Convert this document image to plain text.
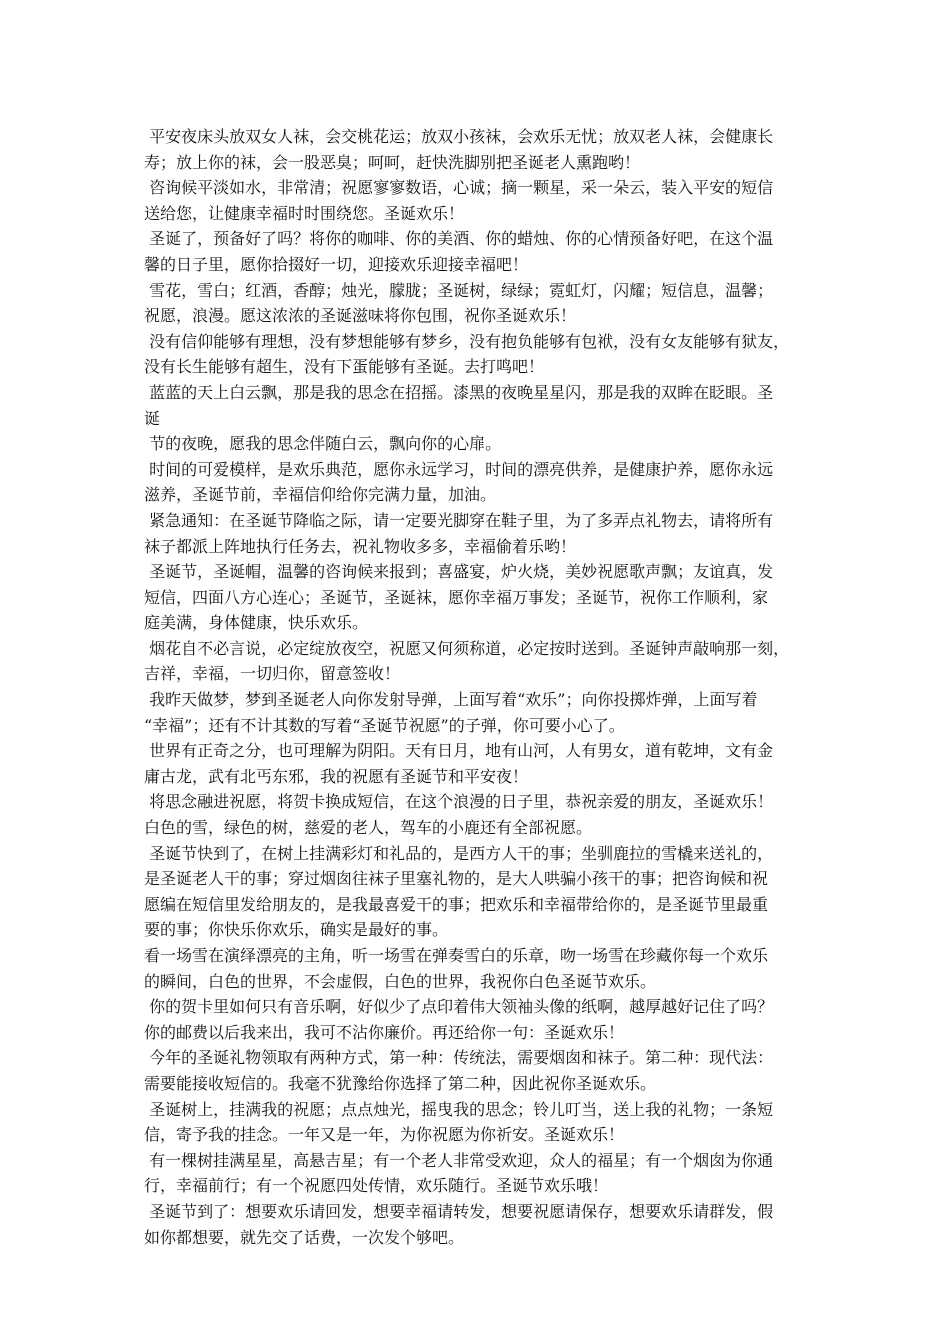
平安夜床头放双女人袜，会交桃花运；放双小孩袜，会欢乐无忧；放双老人袜，会健康长
寿；放上你的袜，会一股恶臭；呵呵，赶快洗脚别把圣诞老人熏跑哟！
咨询候平淡如水，非常清；祝愿寥寥数语，心诚；摘一颗星，采一朵云，装入平安的短信
送给您，让健康幸福时时围绕您。圣诞欢乐！
圣诞了，预备好了吗？将你的咖啡、你的美酒、你的蜡烛、你的心情预备好吧，在这个温
馨的日子里，愿你拾掇好一切，迎接欢乐迎接幸福吧！
雪花，雪白；红酒，香醇；烛光，朦胧；圣诞树，绿绿；霓虹灯，闪耀；短信息，温馨；
祝愿，浪漫。愿这浓浓的圣诞滋味将你包围，祝你圣诞欢乐！
没有信仰能够有理想，没有梦想能够有梦乡，没有抱负能够有包袱，没有女友能够有狱友，
没有长生能够有超生，没有下蛋能够有圣诞。去打鸣吧！
蓝蓝的天上白云飘，那是我的思念在招摇。漆黑的夜晚星星闪，那是我的双眸在眨眼。圣
诞
节的夜晚，愿我的思念伴随白云，飘向你的心扉。
时间的可爱模样，是欢乐典范，愿你永远学习，时间的漂亮供养，是健康护养，愿你永远
滋养，圣诞节前，幸福信仰给你完满力量，加油。
紧急通知：在圣诞节降临之际，请一定要光脚穿在鞋子里，为了多弄点礼物去，请将所有
袜子都派上阵地执行任务去，祝礼物收多多，幸福偷着乐哟！
圣诞节，圣诞帽，温馨的咨询候来报到；喜盛宴，炉火烧，美妙祝愿歌声飘；友谊真，发
短信，四面八方心连心；圣诞节，圣诞袜，愿你幸福万事发；圣诞节，祝你工作顺利，家
庭美满，身体健康，快乐欢乐。
烟花自不必言说，必定绽放夜空，祝愿又何须称道，必定按时送到。圣诞钟声敲响那一刻，
吉祥，幸福，一切归你，留意签收！
我昨天做梦，梦到圣诞老人向你发射导弹，上面写着“欢乐”；向你投掷炸弹，上面写着
“幸福”；还有不计其数的写着“圣诞节祝愿”的子弹，你可要小心了。
世界有正奇之分，也可理解为阴阳。天有日月，地有山河，人有男女，道有乾坤，文有金
庸古龙，武有北丐东邪，我的祝愿有圣诞节和平安夜！
将思念融进祝愿，将贺卡换成短信，在这个浪漫的日子里，恭祝亲爱的朋友，圣诞欢乐！
白色的雪，绿色的树，慈爱的老人，驾车的小鹿还有全部祝愿。
圣诞节快到了，在树上挂满彩灯和礼品的，是西方人干的事；坐驯鹿拉的雪橇来送礼的，
是圣诞老人干的事；穿过烟囱往袜子里塞礼物的，是大人哄骗小孩干的事；把咨询候和祝
愿编在短信里发给朋友的，是我最喜爱干的事；把欢乐和幸福带给你的，是圣诞节里最重
要的事；你快乐你欢乐，确实是最好的事。
看一场雪在演绎漂亮的主角，听一场雪在弹奏雪白的乐章，吻一场雪在珍藏你每一个欢乐
的瞬间，白色的世界，不会虚假，白色的世界，我祝你白色圣诞节欢乐。
你的贺卡里如何只有音乐啊，好似少了点印着伟大领袖头像的纸啊，越厚越好记住了吗？
你的邮费以后我来出，我可不沾你廉价。再还给你一句：圣诞欢乐！
今年的圣诞礼物领取有两种方式，第一种：传统法，需要烟囱和袜子。第二种：现代法：
需要能接收短信的。我毫不犹豫给你选择了第二种，因此祝你圣诞欢乐。
圣诞树上，挂满我的祝愿；点点烛光，摇曳我的思念；铃儿叮当，送上我的礼物；一条短
信，寄予我的挂念。一年又是一年，为你祝愿为你祈安。圣诞欢乐！
有一棵树挂满星星，高悬吉星；有一个老人非常受欢迎，众人的福星；有一个烟囱为你通
行，幸福前行；有一个祝愿四处传情，欢乐随行。圣诞节欢乐哦！
圣诞节到了：想要欢乐请回发，想要幸福请转发，想要祝愿请保存，想要欢乐请群发，假
如你都想要，就先交了话费，一次发个够吧。
